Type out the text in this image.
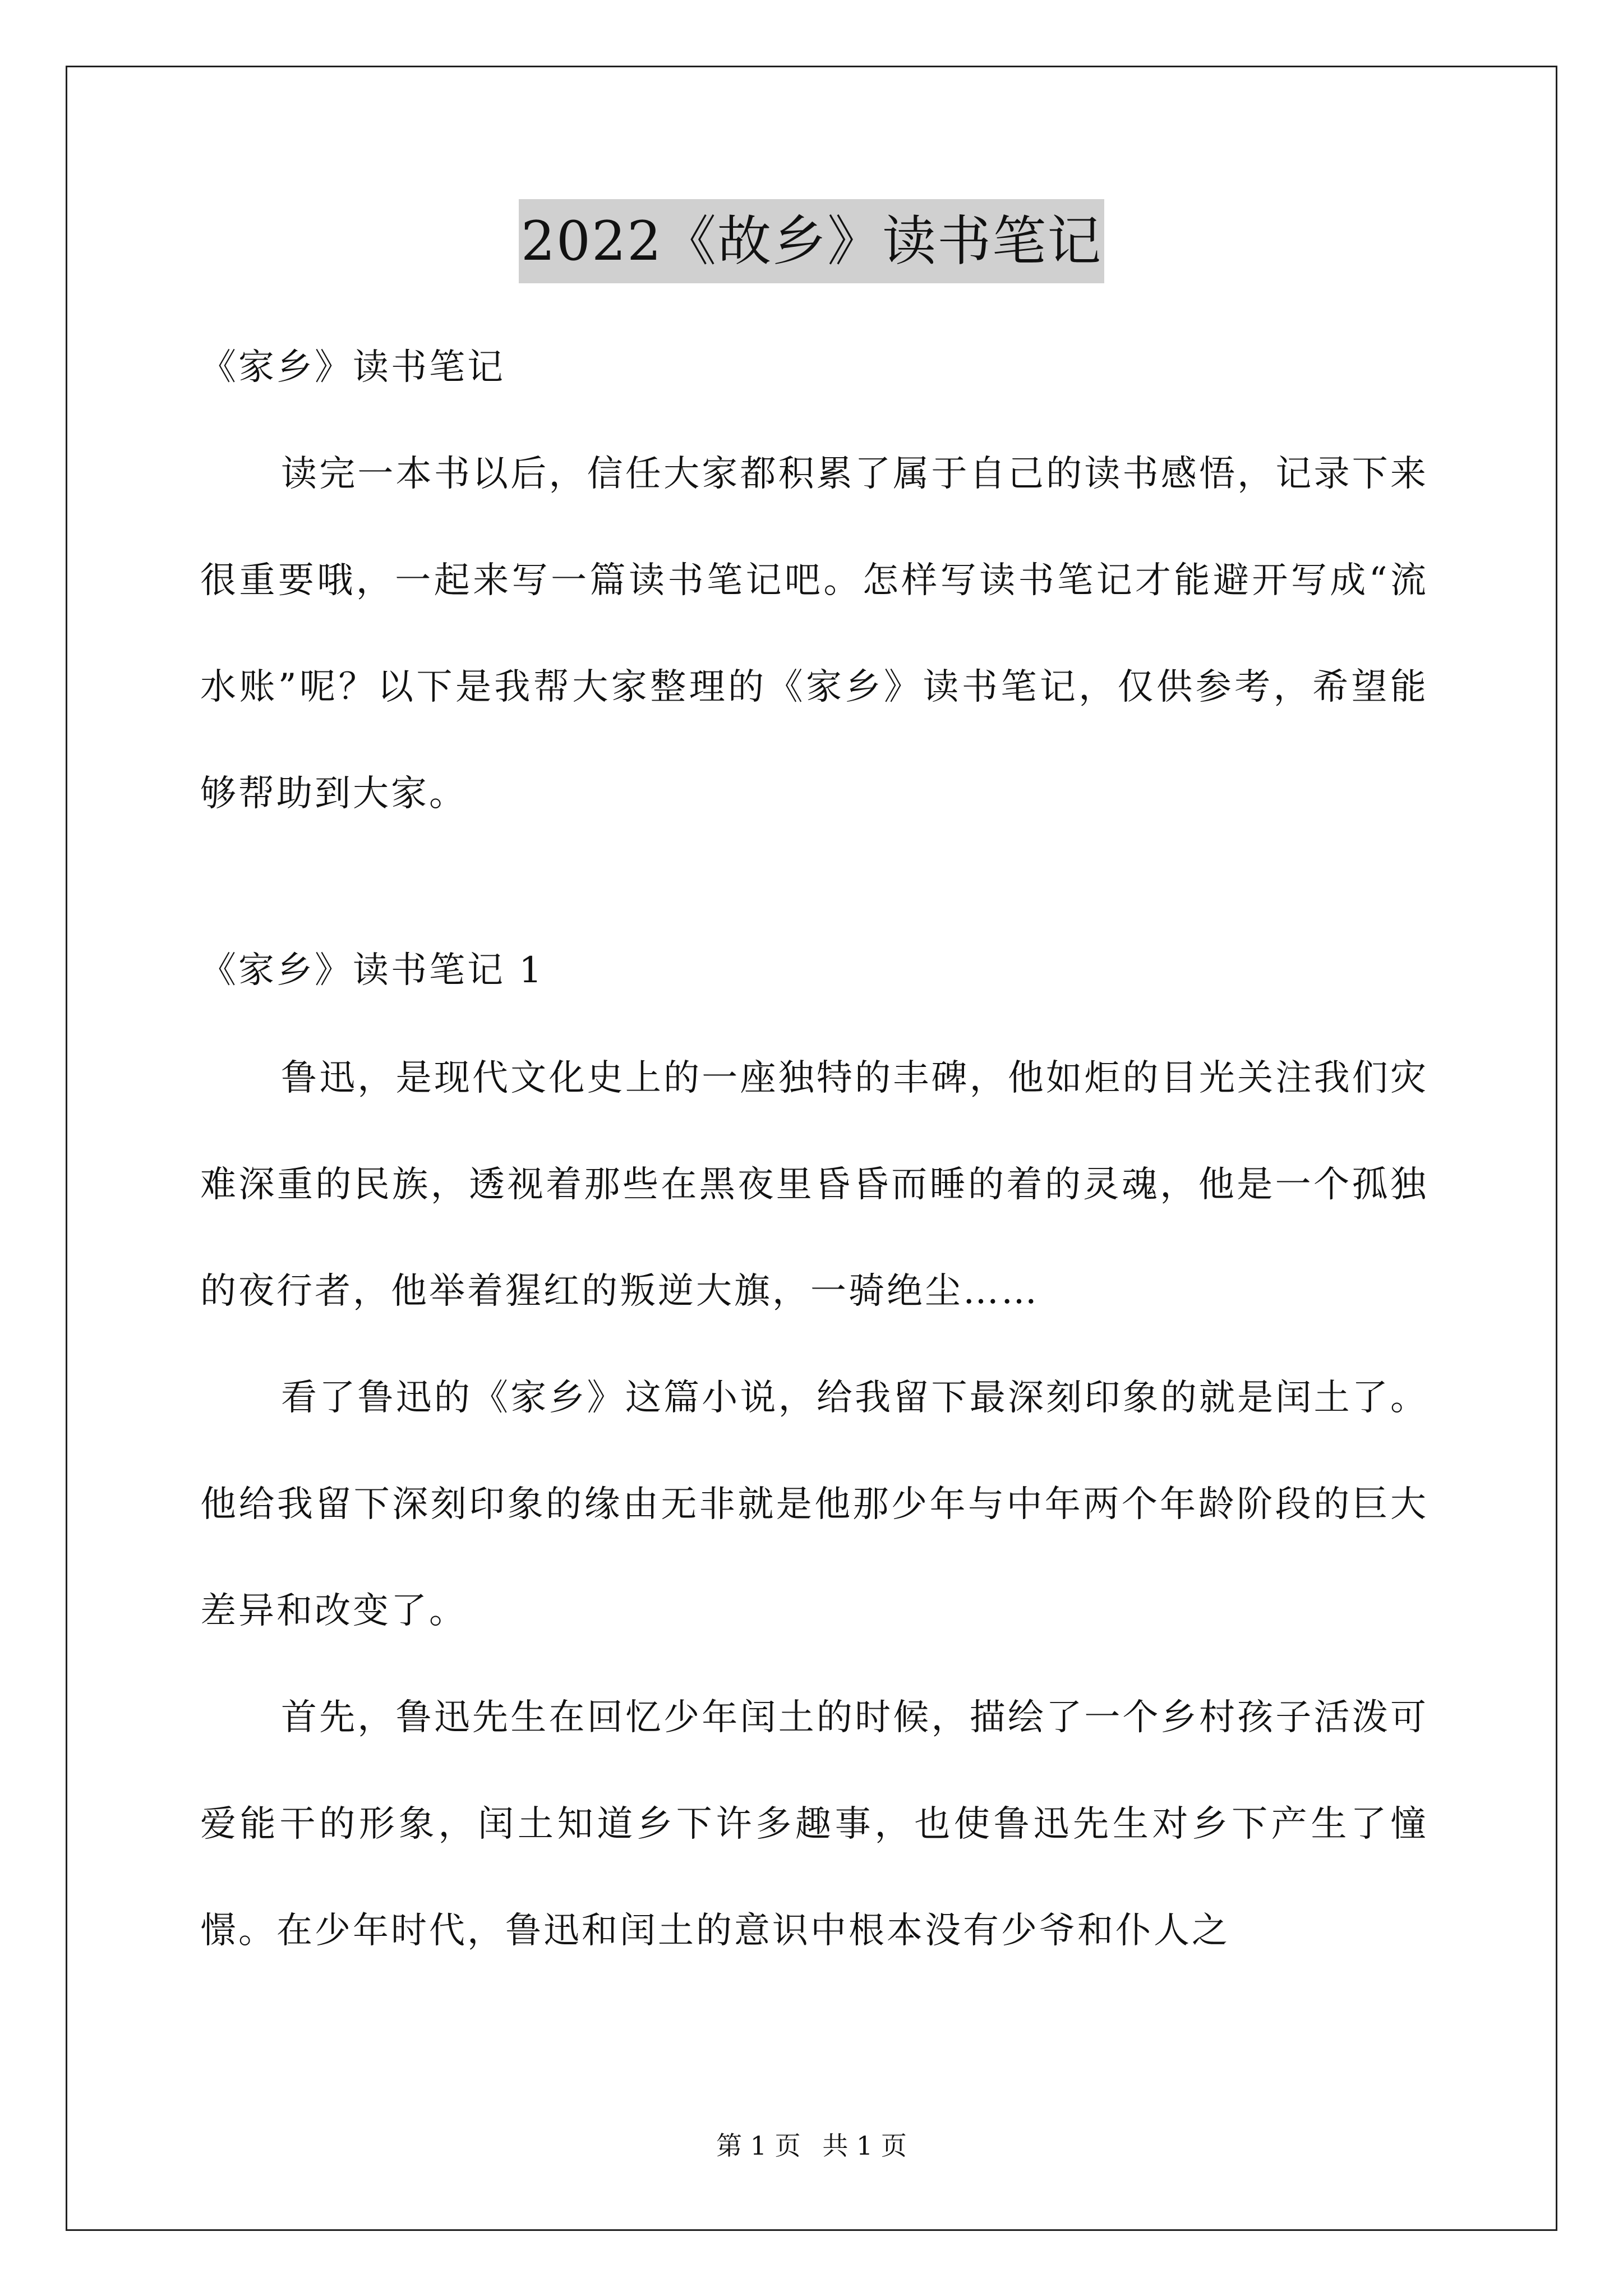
2022《故乡》读书笔记
《家乡》读书笔记

读完一本书以后，信任大家都积累了属于自己的读书感悟，记录下来很重要哦，一起来写一篇读书笔记吧。怎样写读书笔记才能避开写成“流水账”呢？以下是我帮大家整理的《家乡》读书笔记，仅供参考，希望能够帮助到大家。

《家乡》读书笔记 1

鲁迅，是现代文化史上的一座独特的丰碑，他如炬的目光关注我们灾难深重的民族，透视着那些在黑夜里昏昏而睡的着的灵魂，他是一个孤独的夜行者，他举着猩红的叛逆大旗，一骑绝尘……

看了鲁迅的《家乡》这篇小说，给我留下最深刻印象的就是闰土了。他给我留下深刻印象的缘由无非就是他那少年与中年两个年龄阶段的巨大差异和改变了。

首先，鲁迅先生在回忆少年闰土的时候，描绘了一个乡村孩子活泼可爱能干的形象，闰土知道乡下许多趣事，也使鲁迅先生对乡下产生了憧憬。在少年时代，鲁迅和闰土的意识中根本没有少爷和仆人之

第 1 页 共 1 页
